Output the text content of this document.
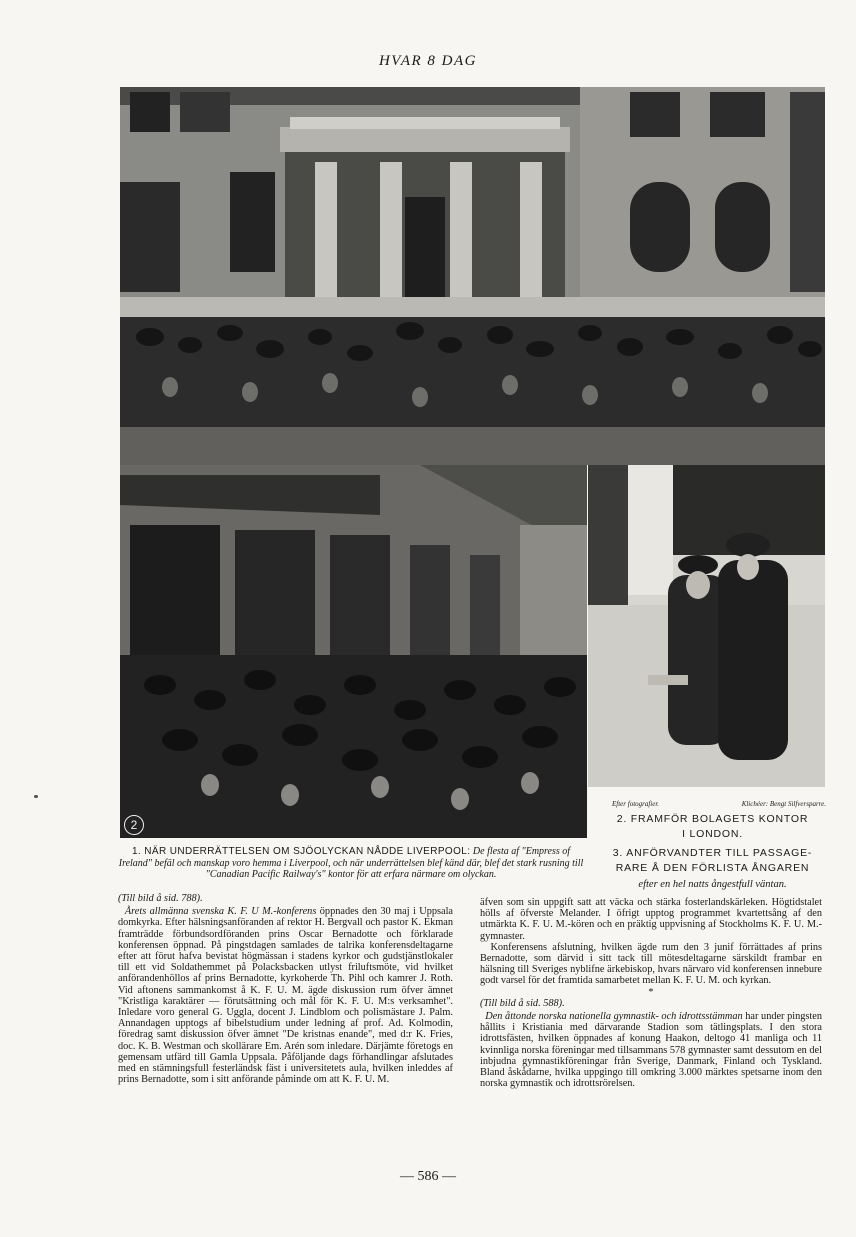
HVAR 8 DAG
2
Efter fotografier.	Klichéer: Bengt Silfversparre.
2. FRAMFÖR BOLAGETS KONTOR
I LONDON.
3. ANFÖRVANDTER TILL PASSAGE-
RARE Å DEN FÖRLISTA ÅNGAREN
efter en hel natts ångestfull väntan.
1. NÄR UNDERRÄTTELSEN OM SJÖOLYCKAN NÅDDE LIVERPOOL: De flesta af "Empress of Ireland" befäl och manskap voro hemma i Liverpool, och när underrättelsen blef känd där, blef det stark rusning till "Canadian Pacific Railway's" kontor för att erfara närmare om olyckan.

(Till bild å sid. 788).

Årets allmänna svenska K. F. U M.-konferens öppnades den 30 maj i Uppsala domkyrka. Efter hälsningsanföranden af rektor H. Bergvall och pastor K. Ekman framträdde förbundsordföranden prins Oscar Bernadotte och förklarade konferensen öppnad. På pingstdagen samlades de talrika konferensdeltagarne efter att förut hafva bevistat högmässan i stadens kyrkor och gudstjänstlokaler till ett vid Soldathemmet på Polacksbacken utlyst friluftsmöte, vid hvilket anförandenhöllos af prins Bernadotte, kyrkoherde Th. Pihl och kamrer J. Roth. Vid aftonens sammankomst å K. F. U. M. ägde diskussion rum öfver ämnet "Kristliga karaktärer — förutsättning och mål för K. F. U. M:s verksamhet". Inledare voro general G. Uggla, docent J. Lindblom och polismästare J. Palm. Annandagen upptogs af bibelstudium under ledning af prof. Ad. Kolmodin, föredrag samt diskussion öfver ämnet "De kristnas enande", med d:r K. Fries, doc. K. B. Westman och skollärare Em. Arén som inledare. Därjämte företogs en gemensam utfärd till Gamla Uppsala. Påföljande dags förhandlingar afslutades med en stämningsfull festerländsk fäst i universitetets aula, hvilken inleddes af prins Bernadotte, som i sitt anförande påminde om att K. F. U. M.

äfven som sin uppgift satt att väcka och stärka fosterlandskärleken. Högtidstalet hölls af öfverste Melander. I öfrigt upptog programmet kvartettsång af den utmärkta K. F. U. M.-kören och en präktig uppvisning af Stockholms K. F. U. M.-gymnaster.

Konferensens afslutning, hvilken ägde rum den 3 junif förrättades af prins Bernadotte, som därvid i sitt tack till mötesdeltagarne särskildt frambar en hälsning till Sveriges nyblifne ärkebiskop, hvars närvaro vid konferensen innebure godt varsel för det framtida samarbetet mellan K. F. U. M. och kyrkan.

*

(Till bild å sid. 588).

Den åttonde norska nationella gymnastik- och idrottsstämman har under pingsten hållits i Kristiania med därvarande Stadion som tätlingsplats. I den stora idrottsfästen, hvilken öppnades af konung Haakon, deltogo 41 manliga och 11 kvinnliga norska föreningar med tillsammans 578 gymnaster samt dessutom en del inbjudna gymnastikföreningar från Sverige, Danmark, Finland och Tyskland. Bland åskådarne, hvilka uppgingo till omkring 3.000 märktes spetsarne inom den norska gymnastik och idrottsrörelsen.

— 586 —
